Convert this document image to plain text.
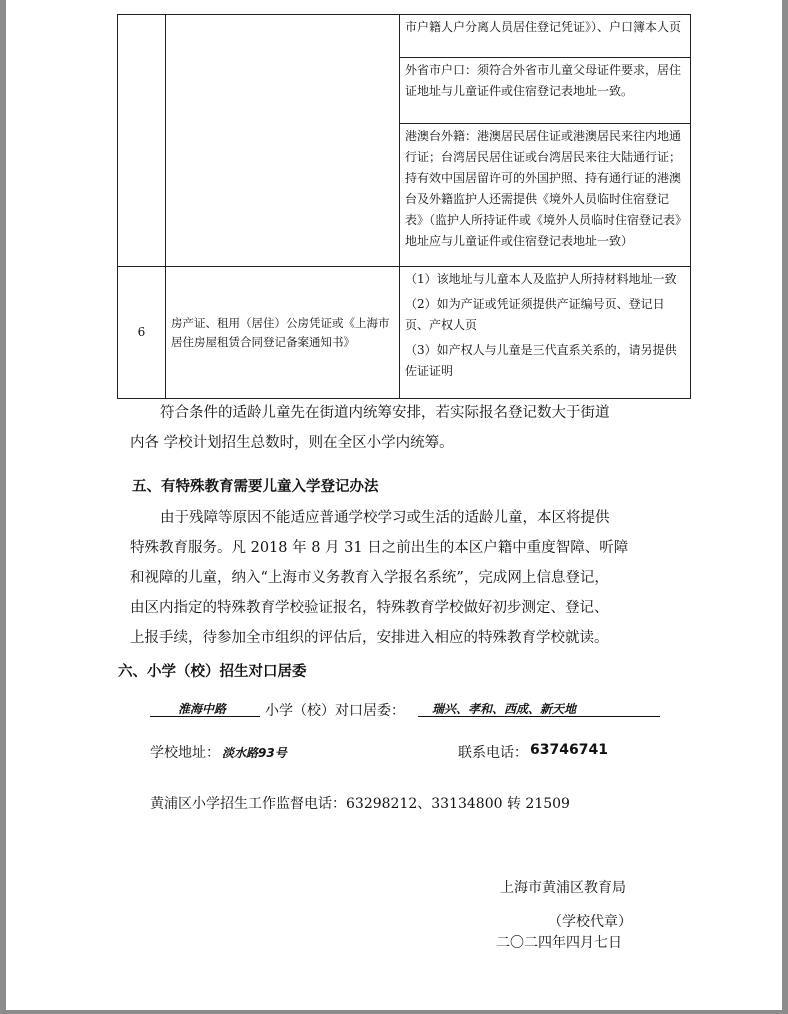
		市户籍人户分离人员居住登记凭证》）、户口簿本人页
		外省市户口：须符合外省市儿童父母证件要求，居住证地址与儿童证件或住宿登记表地址一致。
		港澳台外籍：港澳居民居住证或港澳居民来往内地通行证；台湾居民居住证或台湾居民来往大陆通行证；持有效中国居留许可的外国护照、持有通行证的港澳台及外籍监护人还需提供《境外人员临时住宿登记表》（监护人所持证件或《境外人员临时住宿登记表》地址应与儿童证件或住宿登记表地址一致）
6	房产证、租用（居住）公房凭证或《上海市居住房屋租赁合同登记备案通知书》	（1）该地址与儿童本人及监护人所持材料地址一致

（2）如为产证或凭证须提供产证编号页、登记日页、产权人页

（3）如产权人与儿童是三代直系关系的，请另提供佐证证明

符合条件的适龄儿童先在街道内统筹安排，若实际报名登记数大于街道

内各 学校计划招生总数时，则在全区小学内统筹。

五、有特殊教育需要儿童入学登记办法

由于残障等原因不能适应普通学校学习或生活的适龄儿童，本区将提供

特殊教育服务。凡 2018 年 8 月 31 日之前出生的本区户籍中重度智障、听障

和视障的儿童，纳入“上海市义务教育入学报名系统”，完成网上信息登记，

由区内指定的特殊教育学校验证报名，特殊教育学校做好初步测定、登记、

上报手续，待参加全市组织的评估后，安排进入相应的特殊教育学校就读。

六、小学（校）招生对口居委

淮海中路	小学（校）对口居委： 瑞兴、孝和、西成、新天地
学校地址： 淡水路93号	联系电话： 63746741

黄浦区小学招生工作监督电话：63298212、33134800 转 21509

上海市黄浦区教育局

（学校代章）

二〇二四年四月七日
